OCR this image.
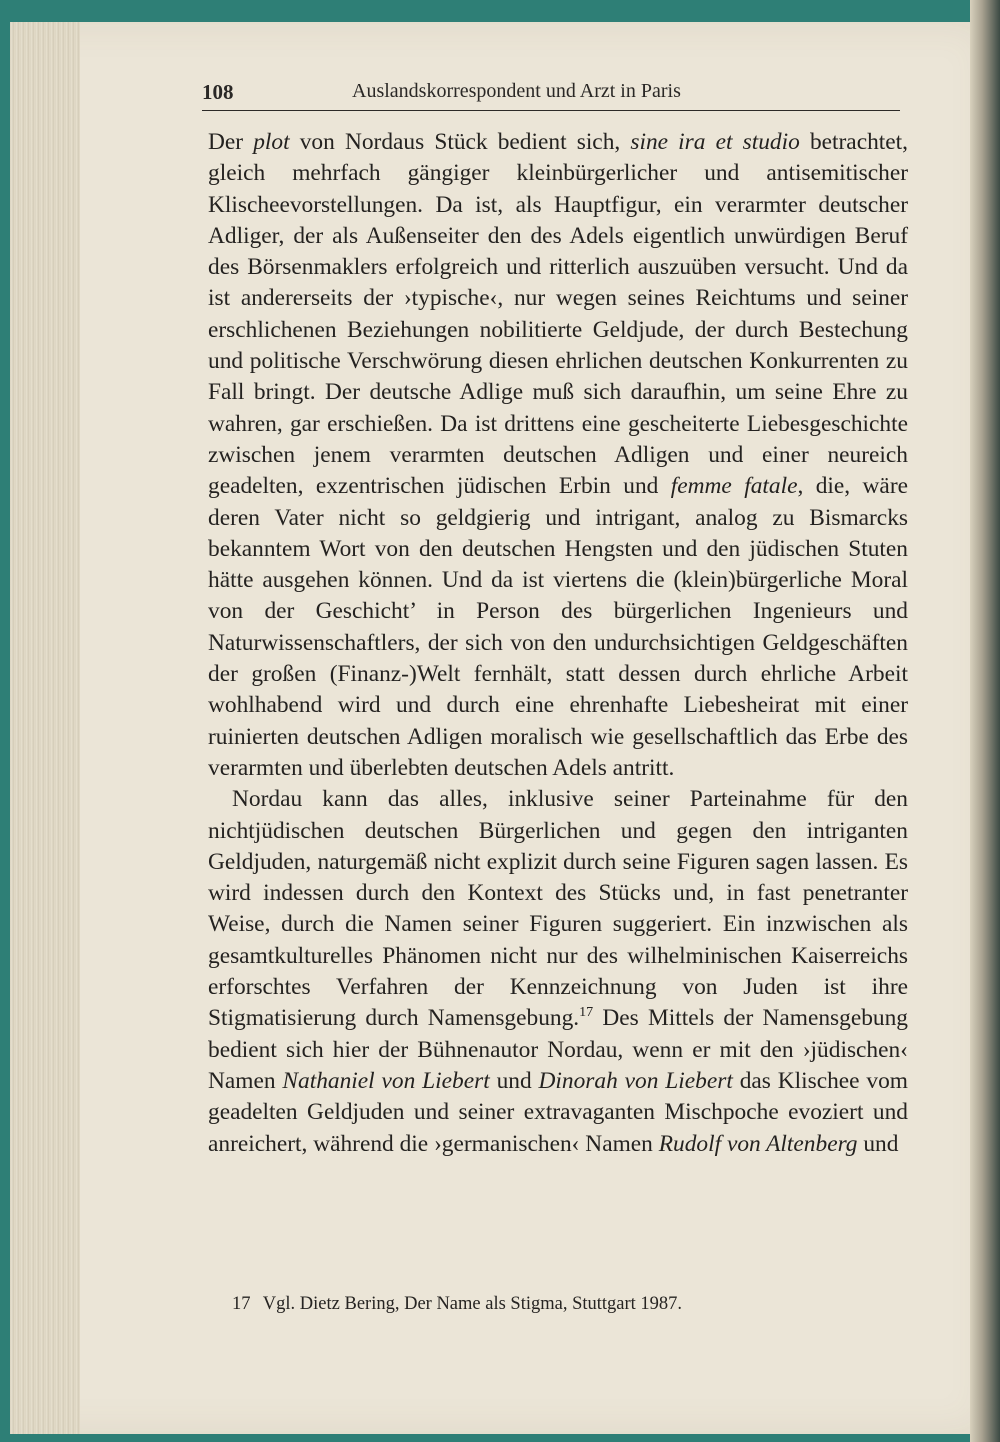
108	Auslandskorrespondent und Arzt in Paris

Der plot von Nordaus Stück bedient sich, sine ira et studio betrachtet, gleich mehrfach gängiger kleinbürgerlicher und antisemitischer Klischeevorstellungen. Da ist, als Hauptfigur, ein verarmter deutscher Adliger, der als Außenseiter den des Adels eigentlich unwürdigen Beruf des Börsenmaklers erfolgreich und ritterlich auszuüben versucht. Und da ist andererseits der ›typische‹, nur wegen seines Reichtums und seiner erschlichenen Beziehungen nobilitierte Geldjude, der durch Bestechung und politische Verschwörung diesen ehrlichen deutschen Konkurrenten zu Fall bringt. Der deutsche Adlige muß sich daraufhin, um seine Ehre zu wahren, gar erschießen. Da ist drittens eine gescheiterte Liebesgeschichte zwischen jenem verarmten deutschen Adligen und einer neureich geadelten, exzentrischen jüdischen Erbin und femme fatale, die, wäre deren Vater nicht so geldgierig und intrigant, analog zu Bismarcks bekanntem Wort von den deutschen Hengsten und den jüdischen Stuten hätte ausgehen können. Und da ist viertens die (klein)bürgerliche Moral von der Geschicht’ in Person des bürgerlichen Ingenieurs und Naturwissenschaftlers, der sich von den undurchsichtigen Geldgeschäften der großen (Finanz-)Welt fernhält, statt dessen durch ehrliche Arbeit wohlhabend wird und durch eine ehrenhafte Liebesheirat mit einer ruinierten deutschen Adligen moralisch wie gesellschaftlich das Erbe des verarmten und überlebten deutschen Adels antritt.

Nordau kann das alles, inklusive seiner Parteinahme für den nichtjüdischen deutschen Bürgerlichen und gegen den intriganten Geldjuden, naturgemäß nicht explizit durch seine Figuren sagen lassen. Es wird indessen durch den Kontext des Stücks und, in fast penetranter Weise, durch die Namen seiner Figuren suggeriert. Ein inzwischen als gesamtkulturelles Phänomen nicht nur des wilhelminischen Kaiserreichs erforschtes Verfahren der Kennzeichnung von Juden ist ihre Stigmatisierung durch Namensgebung.$^{17}$ Des Mittels der Namensgebung bedient sich hier der Bühnenautor Nordau, wenn er mit den ›jüdischen‹ Namen Nathaniel von Liebert und Dinorah von Liebert das Klischee vom geadelten Geldjuden und seiner extravaganten Mischpoche evoziert und anreichert, während die ›germanischen‹ Namen Rudolf von Altenberg und

17 Vgl. Dietz Bering, Der Name als Stigma, Stuttgart 1987.
